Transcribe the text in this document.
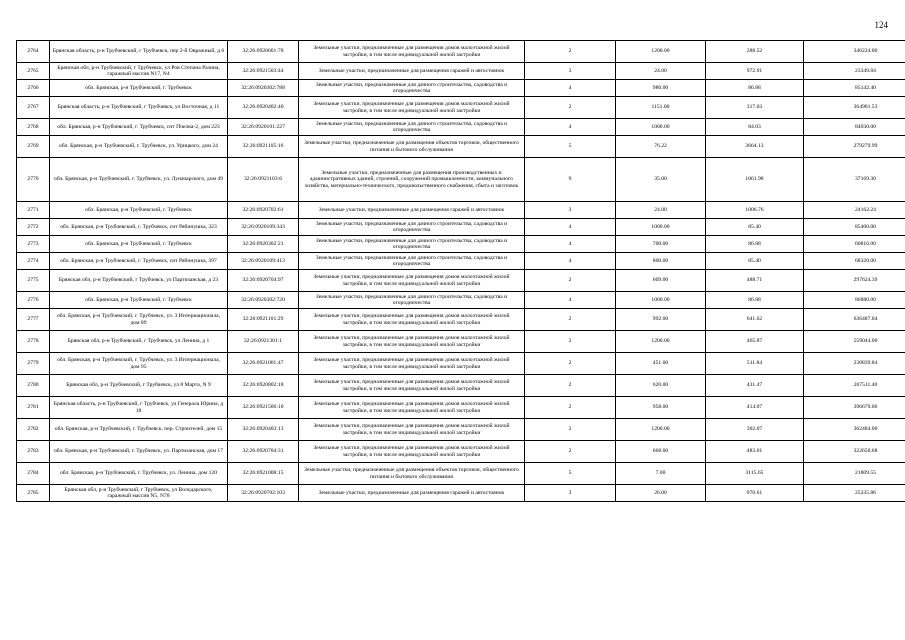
124
2764	Брянская область, р-н Трубчевский, г Трубчевск, пер 2-й Овражный, д 6	32:26:0920601:78	Земельные участки, предназначенные для размещения домов малоэтажной жилой застройки, в том числе индивидуальной жилой застройки	2	1200.00	288.52	346224.00
2765	Брянская обл, р-н Трубчевский, г Трубчевск, ул Ров Степана Разина, гаражный массив N17, N4	32:26:0921503:44	Земельные участки, предназначенные для размещения гаражей и автостоянок	3	24.00	972.91	23349.84
2766	обл. Брянская, р-н Трубчевский, г. Трубчевск	32:26:0920302:788	Земельные участки, предназначенные для дачного строительства, садоводства и огородничества	4	980.00	86.88	85142.40
2767	Брянская область, р-н Трубчевский, г Трубчевск, ул Восточная, д 11	32:26:0920402:40	Земельные участки, предназначенные для размещения домов малоэтажной жилой застройки, в том числе индивидуальной жилой застройки	2	1151.00	317.03	364901.53
2768	обл. Брянская, р-н Трубчевский, г. Трубчевск, снт Пчелка-2, дом 223	32:26:0920101:227	Земельные участки, предназначенные для дачного строительства, садоводства и огородничества	4	1000.00	84.03	84030.00
2769	обл. Брянская, р-н Трубчевский, г. Трубчевск, ул. Урицкого, дом 24	32:26:0921105:16	Земельные участки, предназначенные для размещения объектов торговли, общественного питания и бытового обслуживания	5	76.22	3664.13	279279.99
2770	обл. Брянская, р-н Трубчевский, г. Трубчевск, ул. Луначарского, дом 49	32:26:0921103:6	Земельные участки, предназначенные для размещения производственных и административных зданий, строений, сооружений промышленности, коммунального хозяйства, материально-технического, продовольственного снабжения, сбыта и заготовок	9	35.00	1061.98	37169.30
2771	обл. Брянская, р-н Трубчевский, г. Трубчевск	32:26:0920702:61	Земельные участки, предназначенные для размещения гаражей и автостоянок	3	24.00	1006.76	24162.24
2772	обл. Брянская, р-н Трубчевский, г. Трубчевск, снт Рябинушка, 323	32:26:0920109:343	Земельные участки, предназначенные для дачного строительства, садоводства и огородничества	4	1000.00	85.40	85400.00
2773	обл. Брянская, р-н Трубчевский, г. Трубчевск	32:26:0920302:21	Земельные участки, предназначенные для дачного строительства, садоводства и огородничества	4	700.00	86.88	60816.00
2774	обл. Брянская, р-н Трубчевский, г. Трубчевск, снт Рябинушка, 397	32:26:0920109:413	Земельные участки, предназначенные для дачного строительства, садоводства и огородничества	4	800.00	85.40	68320.00
2775	Брянская обл, р-н Трубчевский, г Трубчевск, ул Партизанская, д 23	32:26:0920704:97	Земельные участки, предназначенные для размещения домов малоэтажной жилой застройки, в том числе индивидуальной жилой застройки	2	609.00	488.71	297624.39
2776	обл. Брянская, р-н Трубчевский, г. Трубчевск	32:26:0920302:720	Земельные участки, предназначенные для дачного строительства, садоводства и огородничества	4	1000.00	86.88	86880.00
2777	обл. Брянская, р-н Трубчевский, г. Трубчевск, ул. 3 Интернационала, дом 89	32:26:0921101:29	Земельные участки, предназначенные для размещения домов малоэтажной жилой застройки, в том числе индивидуальной жилой застройки	2	992.00	641.62	636487.04
2778	Брянская обл, р-н Трубчевский, г Трубчевск, ул Ленина, д 1	32:26:0921301:1	Земельные участки, предназначенные для размещения домов малоэтажной жилой застройки, в том числе индивидуальной жилой застройки	2	1200.00	465.87	559044.00
2779	обл. Брянская, р-н Трубчевский, г. Трубчевск, ул. 3 Интернационала, дом 95	32:26:0921001:47	Земельные участки, предназначенные для размещения домов малоэтажной жилой застройки, в том числе индивидуальной жилой застройки	2	451.00	511.84	230839.84
2780	Брянская обл, р-н Трубчевский, г Трубчевск, ул 8 Марта, N 9	32:26:0920802:18	Земельные участки, предназначенные для размещения домов малоэтажной жилой застройки, в том числе индивидуальной жилой застройки	2	620.00	431.47	267511.40
2781	Брянская область, р-н Трубчевский, г Трубчевск, ул Генерала Юрина, д 18	32:26:0921506:10	Земельные участки, предназначенные для размещения домов малоэтажной жилой застройки, в том числе индивидуальной жилой застройки	2	958.00	414.07	396679.06
2782	обл. Брянская, р-н Трубчевский, г. Трубчевск, пер. Строителей, дом 15	32:26:0920403:13	Земельные участки, предназначенные для размещения домов малоэтажной жилой застройки, в том числе индивидуальной жилой застройки	2	1200.00	302.07	362484.00
2783	обл. Брянская, р-н Трубчевский, г. Трубчевск, ул. Партизанская, дом 17	32:26:0920704:31	Земельные участки, предназначенные для размещения домов малоэтажной жилой застройки, в том числе индивидуальной жилой застройки	2	668.00	483.01	322650.68
2784	обл. Брянская, р-н Трубчевский, г. Трубчевск, ул. Ленина, дом 120	32:26:0921008:15	Земельные участки, предназначенные для размещения объектов торговли, общественного питания и бытового обслуживания	5	7.00	3115.65	21809.55
2785	Брянская обл, р-н Трубчевский, г Трубчевск, ул Володарского, гаражный массив N5, N78	32:26:0920702:103	Земельные участки, предназначенные для размещения гаражей и автостоянок	3	26.00	970.61	25235.86
